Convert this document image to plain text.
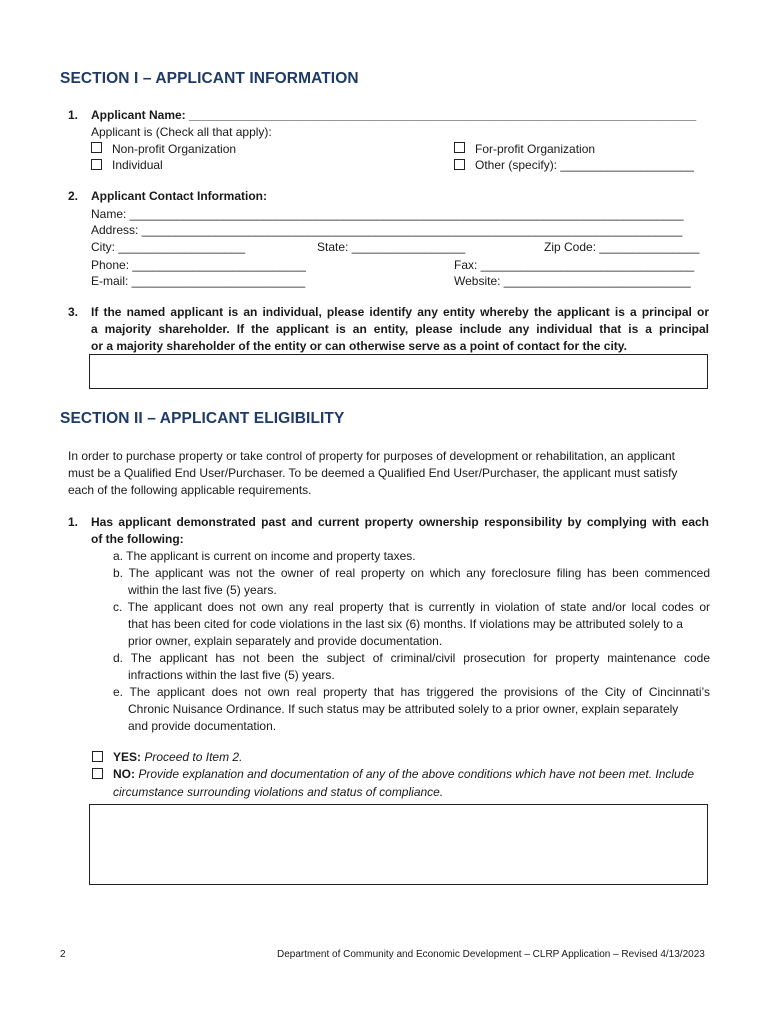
SECTION I – APPLICANT INFORMATION
1. Applicant Name: ____________________________________________________________________________
Applicant is (Check all that apply):
Non-profit Organization	For-profit Organization
Individual	Other (specify): ____________________
2. Applicant Contact Information:
Name: ___________________________________________________________________________________
Address: _________________________________________________________________________________
City: ___________________	State: _________________	Zip Code: _______________
Phone: __________________________	Fax: ________________________________
E-mail: __________________________	Website: ____________________________
3. If the named applicant is an individual, please identify any entity whereby the applicant is a principal or
a majority shareholder. If the applicant is an entity, please include any individual that is a principal
or a majority shareholder of the entity or can otherwise serve as a point of contact for the city.
SECTION II – APPLICANT ELIGIBILITY
In order to purchase property or take control of property for purposes of development or rehabilitation, an applicant
must be a Qualified End User/Purchaser. To be deemed a Qualified End User/Purchaser, the applicant must satisfy
each of the following applicable requirements.
1. Has applicant demonstrated past and current property ownership responsibility by complying with each
of the following:
a. The applicant is current on income and property taxes.
b. The applicant was not the owner of real property on which any foreclosure filing has been commenced
within the last five (5) years.
c. The applicant does not own any real property that is currently in violation of state and/or local codes or
that has been cited for code violations in the last six (6) months. If violations may be attributed solely to a
prior owner, explain separately and provide documentation.
d. The applicant has not been the subject of criminal/civil prosecution for property maintenance code
infractions within the last five (5) years.
e. The applicant does not own real property that has triggered the provisions of the City of Cincinnati’s
Chronic Nuisance Ordinance. If such status may be attributed solely to a prior owner, explain separately
and provide documentation.
YES: Proceed to Item 2.
NO: Provide explanation and documentation of any of the above conditions which have not been met. Include
circumstance surrounding violations and status of compliance.
2	Department of Community and Economic Development – CLRP Application – Revised 4/13/2023
